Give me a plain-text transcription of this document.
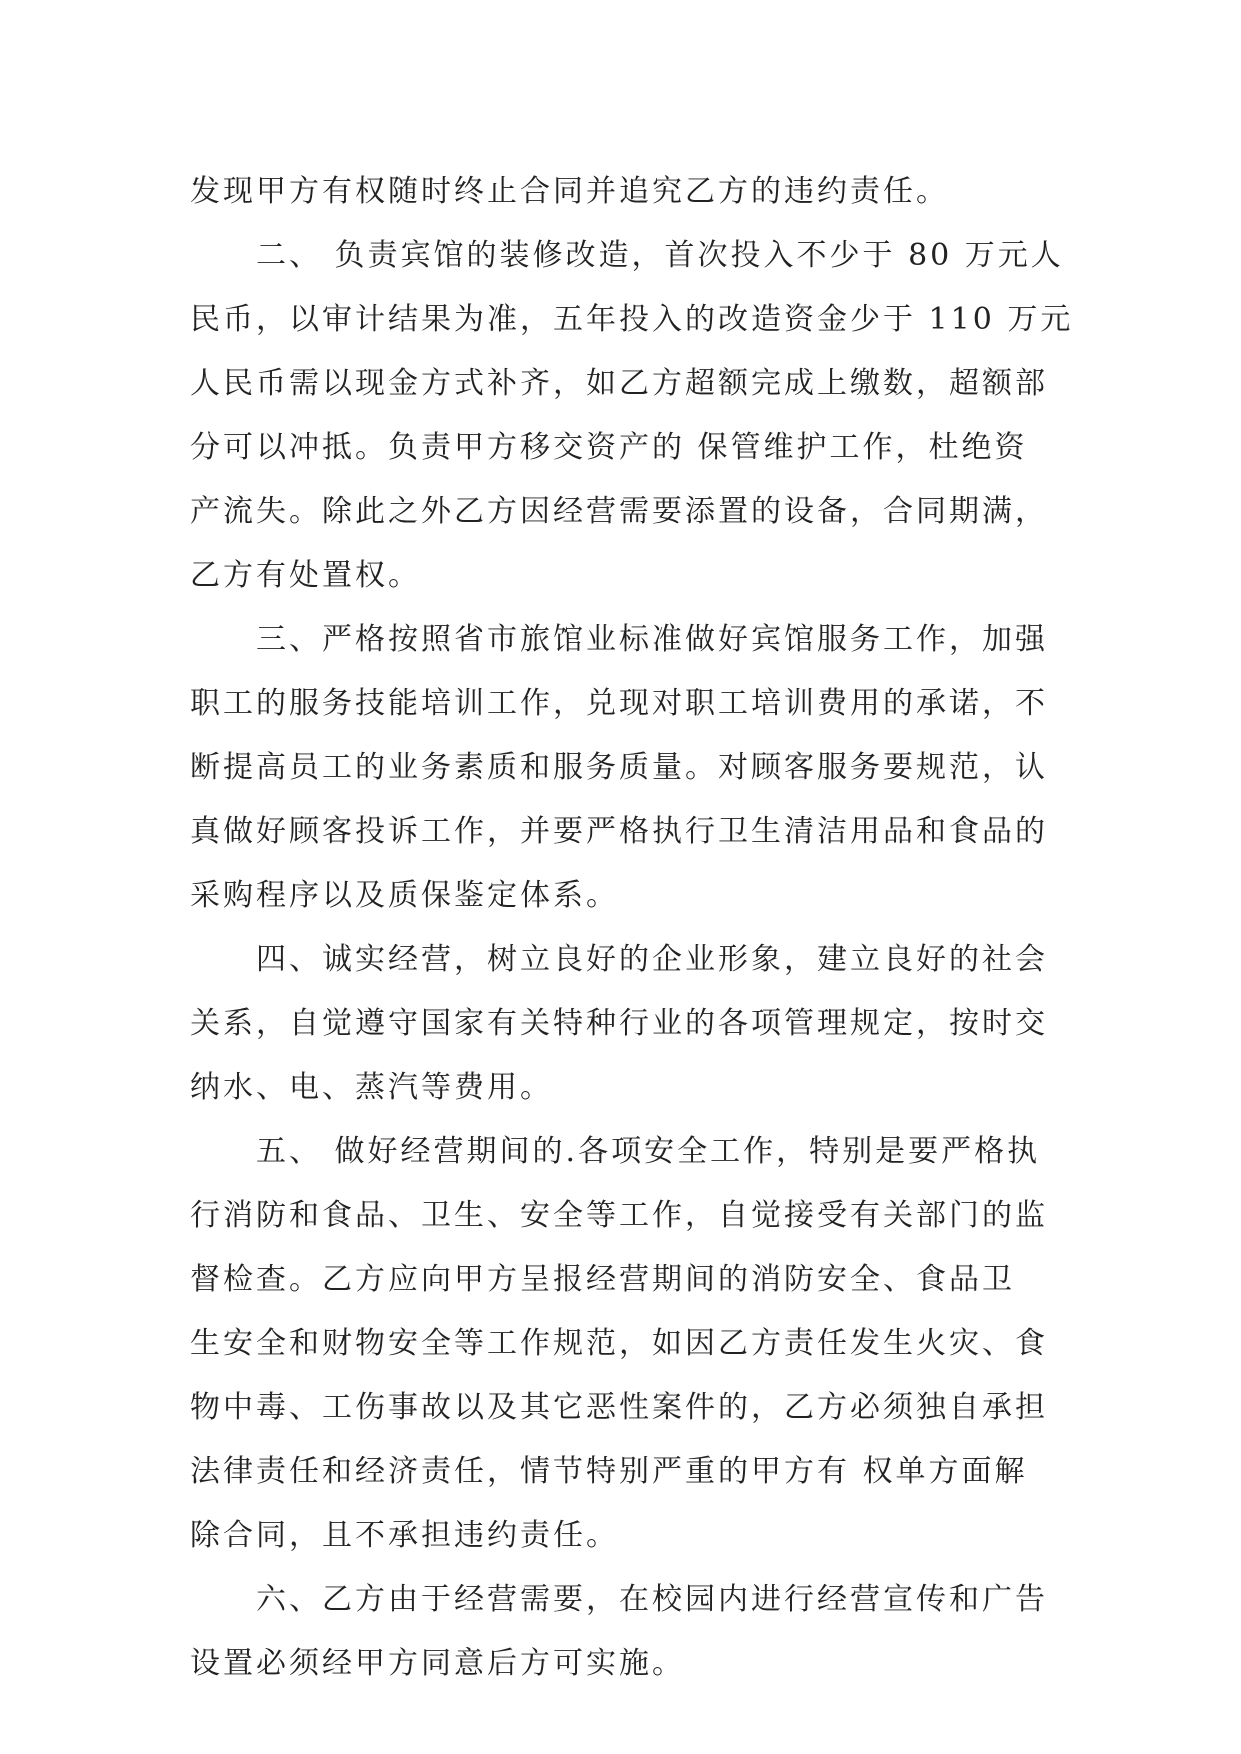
发现甲方有权随时终止合同并追究乙方的违约责任。
　　二、 负责宾馆的装修改造，首次投入不少于 80 万元人
民币，以审计结果为准，五年投入的改造资金少于 110 万元
人民币需以现金方式补齐，如乙方超额完成上缴数，超额部
分可以冲抵。负责甲方移交资产的 保管维护工作，杜绝资
产流失。除此之外乙方因经营需要添置的设备，合同期满，
乙方有处置权。
　　三、严格按照省市旅馆业标准做好宾馆服务工作，加强
职工的服务技能培训工作，兑现对职工培训费用的承诺，不
断提高员工的业务素质和服务质量。对顾客服务要规范，认
真做好顾客投诉工作，并要严格执行卫生清洁用品和食品的
采购程序以及质保鉴定体系。
　　四、诚实经营，树立良好的企业形象，建立良好的社会
关系，自觉遵守国家有关特种行业的各项管理规定，按时交
纳水、电、蒸汽等费用。
　　五、 做好经营期间的.各项安全工作，特别是要严格执
行消防和食品、卫生、安全等工作，自觉接受有关部门的监
督检查。乙方应向甲方呈报经营期间的消防安全、食品卫
生安全和财物安全等工作规范，如因乙方责任发生火灾、食
物中毒、工伤事故以及其它恶性案件的，乙方必须独自承担
法律责任和经济责任，情节特别严重的甲方有 权单方面解
除合同，且不承担违约责任。
　　六、乙方由于经营需要，在校园内进行经营宣传和广告
设置必须经甲方同意后方可实施。
